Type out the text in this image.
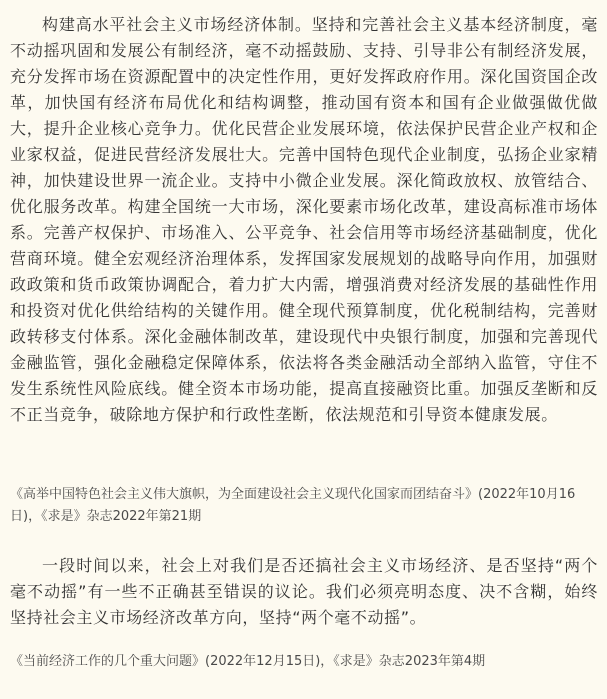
构建高水平社会主义市场经济体制。坚持和完善社会主义基本经济制度，毫不动摇巩固和发展公有制经济，毫不动摇鼓励、支持、引导非公有制经济发展，充分发挥市场在资源配置中的决定性作用，更好发挥政府作用。深化国资国企改革，加快国有经济布局优化和结构调整，推动国有资本和国有企业做强做优做大，提升企业核心竞争力。优化民营企业发展环境，依法保护民营企业产权和企业家权益，促进民营经济发展壮大。完善中国特色现代企业制度，弘扬企业家精神，加快建设世界一流企业。支持中小微企业发展。深化简政放权、放管结合、优化服务改革。构建全国统一大市场，深化要素市场化改革，建设高标准市场体系。完善产权保护、市场准入、公平竞争、社会信用等市场经济基础制度，优化营商环境。健全宏观经济治理体系，发挥国家发展规划的战略导向作用，加强财政政策和货币政策协调配合，着力扩大内需，增强消费对经济发展的基础性作用和投资对优化供给结构的关键作用。健全现代预算制度，优化税制结构，完善财政转移支付体系。深化金融体制改革，建设现代中央银行制度，加强和完善现代金融监管，强化金融稳定保障体系，依法将各类金融活动全部纳入监管，守住不发生系统性风险底线。健全资本市场功能，提高直接融资比重。加强反垄断和反不正当竞争，破除地方保护和行政性垄断，依法规范和引导资本健康发展。

《高举中国特色社会主义伟大旗帜，为全面建设社会主义现代化国家而团结奋斗》(2022年10月16日)，《求是》杂志2022年第21期

一段时间以来，社会上对我们是否还搞社会主义市场经济、是否坚持“两个毫不动摇”有一些不正确甚至错误的议论。我们必须亮明态度、决不含糊，始终坚持社会主义市场经济改革方向，坚持“两个毫不动摇”。

《当前经济工作的几个重大问题》(2022年12月15日)，《求是》杂志2023年第4期
